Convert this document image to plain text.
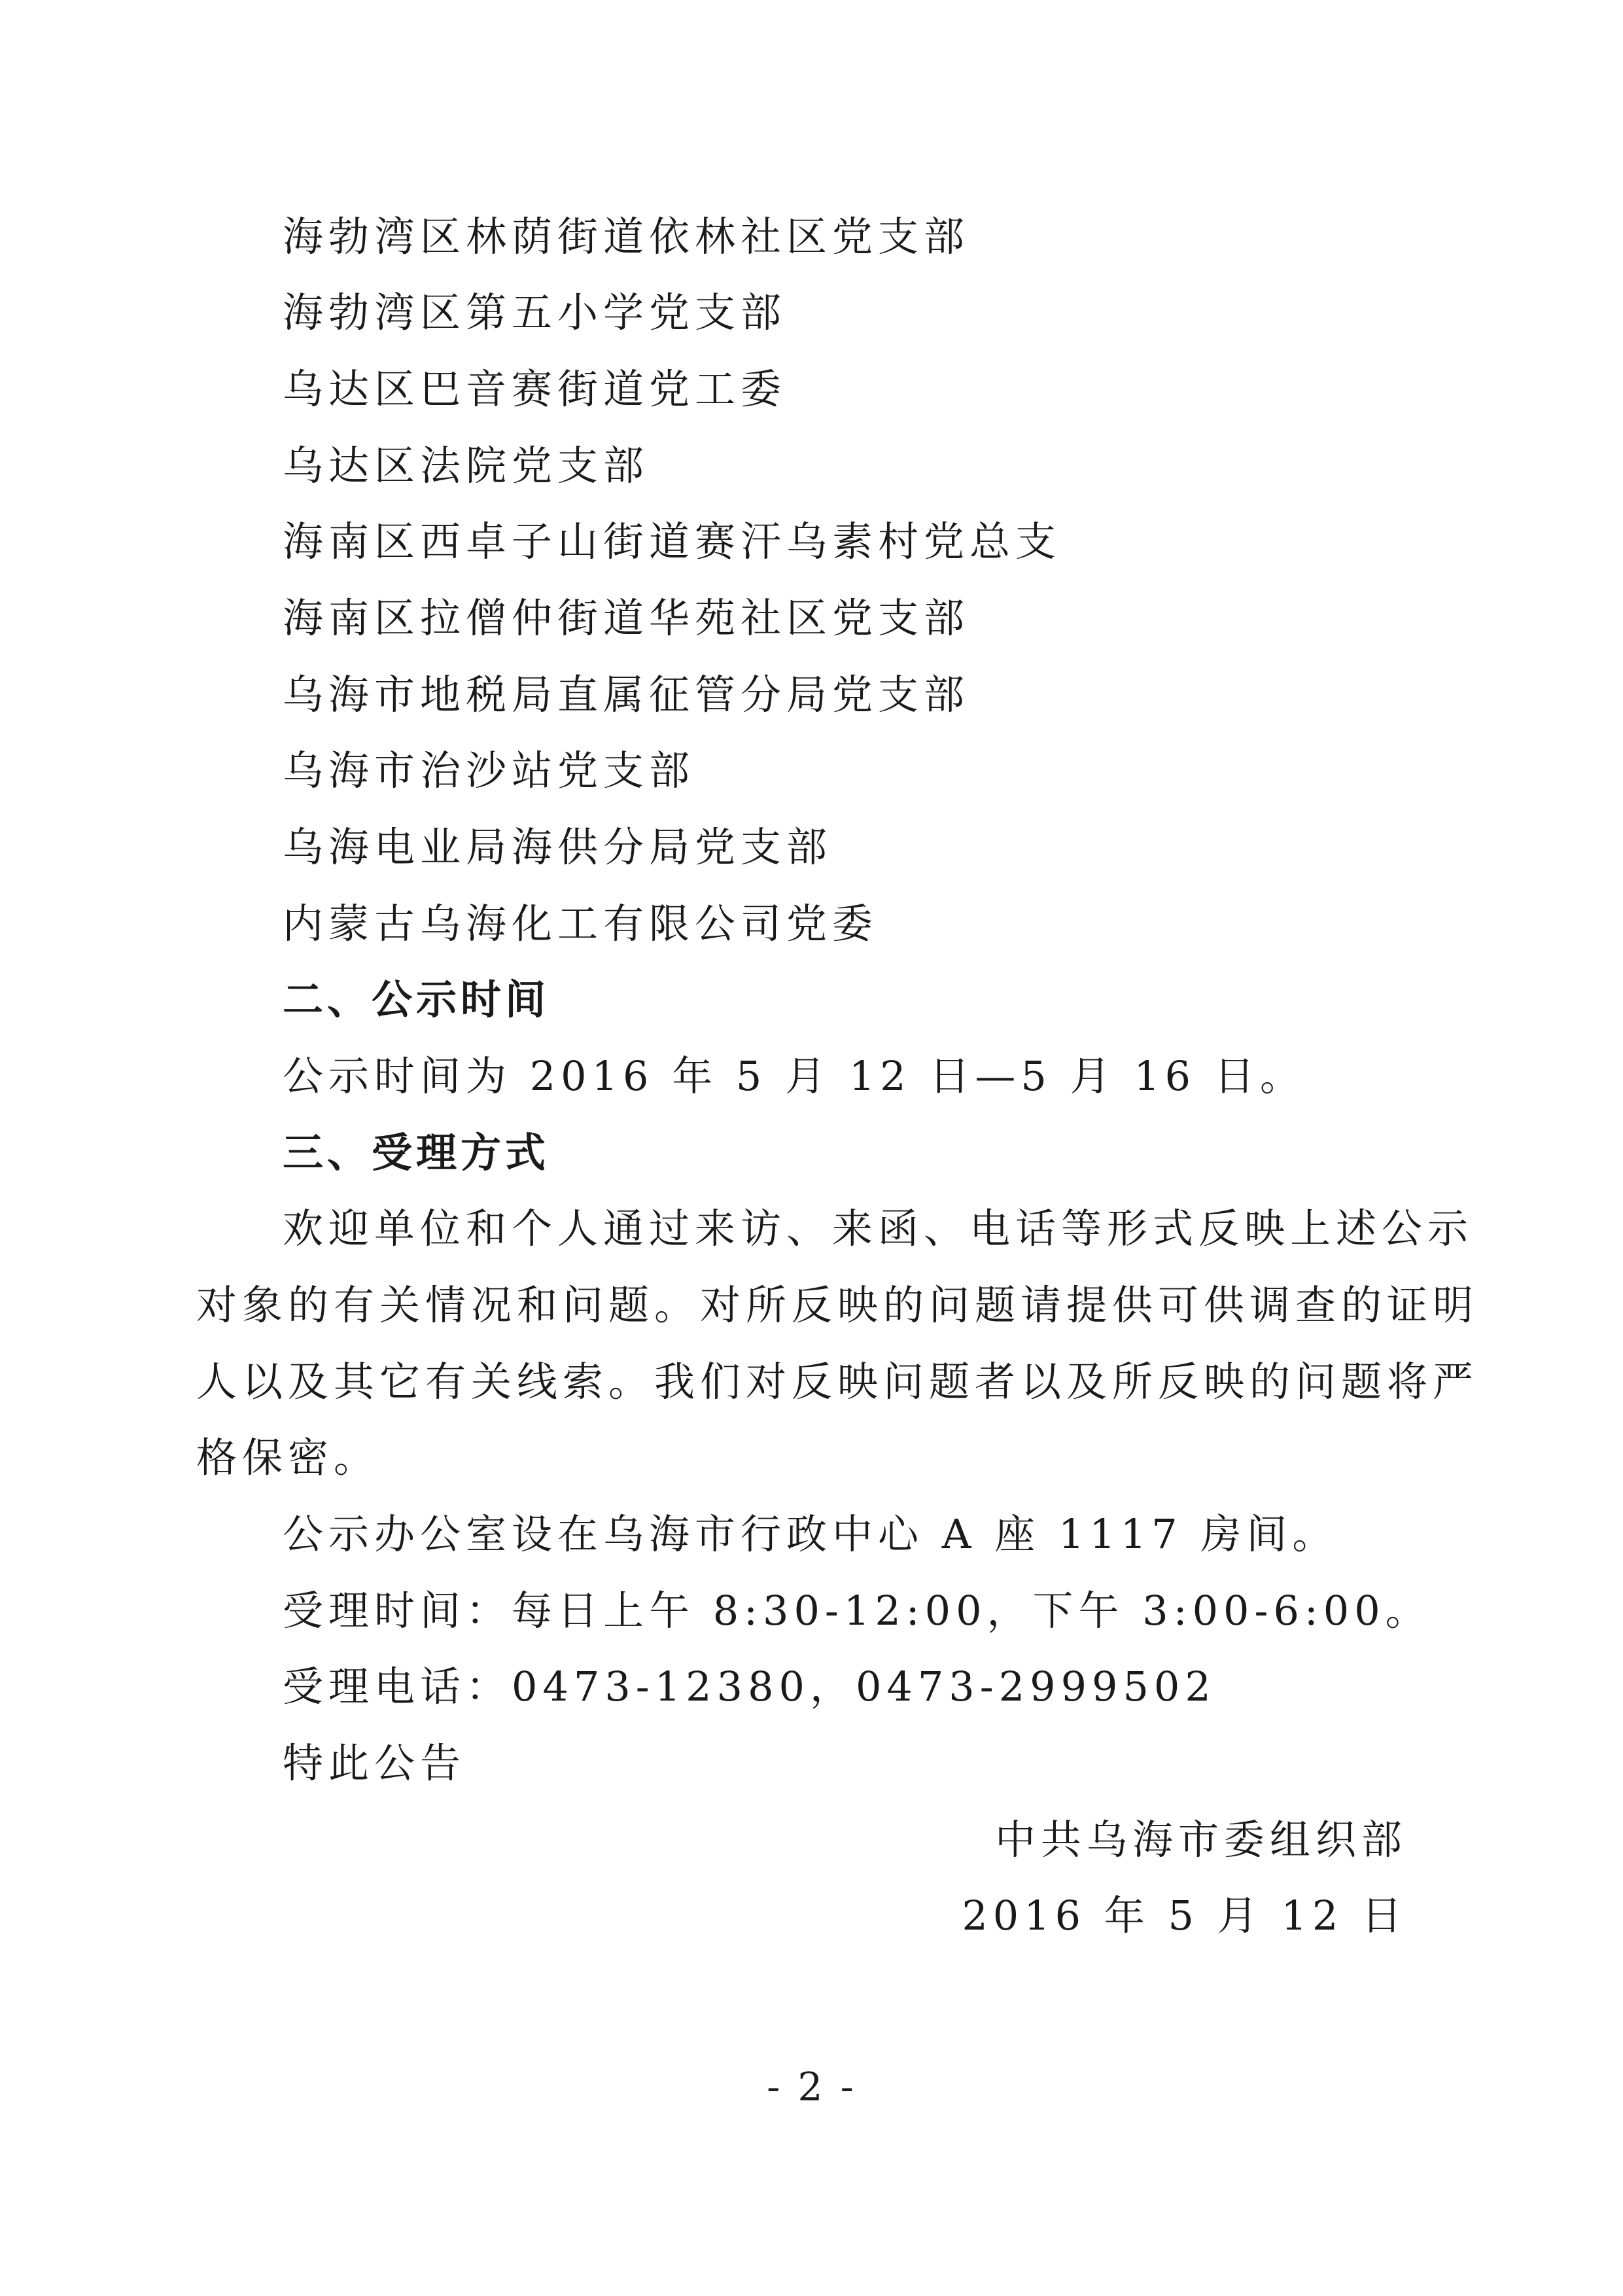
海勃湾区林荫街道依林社区党支部
海勃湾区第五小学党支部
乌达区巴音赛街道党工委
乌达区法院党支部
海南区西卓子山街道赛汗乌素村党总支
海南区拉僧仲街道华苑社区党支部
乌海市地税局直属征管分局党支部
乌海市治沙站党支部
乌海电业局海供分局党支部
内蒙古乌海化工有限公司党委
二、公示时间
公示时间为 2016 年 5 月 12 日—5 月 16 日。
三、受理方式
欢迎单位和个人通过来访、来函、电话等形式反映上述公示
对象的有关情况和问题。对所反映的问题请提供可供调查的证明
人以及其它有关线索。我们对反映问题者以及所反映的问题将严
格保密。
公示办公室设在乌海市行政中心 A 座 1117 房间。
受理时间：每日上午 8:30-12:00，下午 3:00-6:00。
受理电话：0473-12380，0473-2999502
特此公告
中共乌海市委组织部
2016 年 5 月 12 日
- 2 -
